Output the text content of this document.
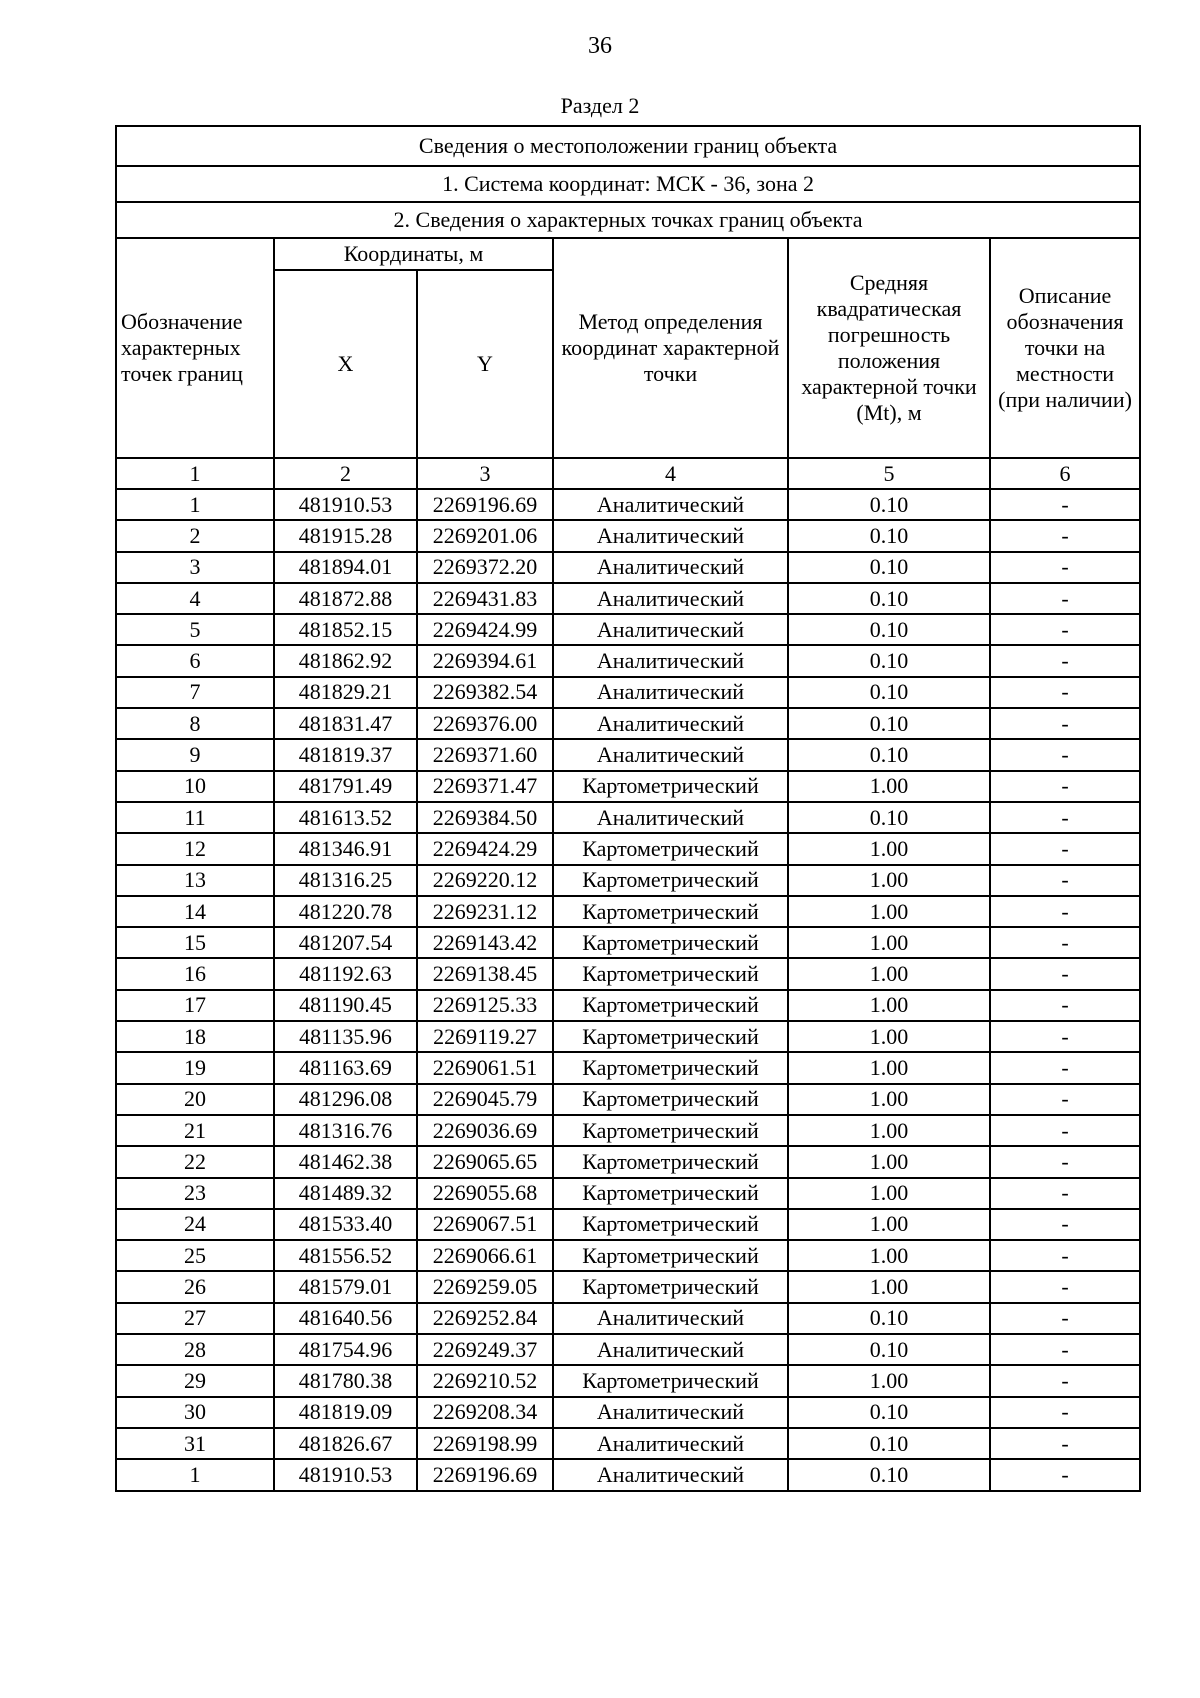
36
Раздел 2
Сведения о местоположении границ объекта					
1. Система координат: МСК - 36, зона 2					
2. Сведения о характерных точках границ объекта					
Обозначение характерных точек границ	Координаты, м		Метод определения координат характерной точки	Средняя квадратическая погрешность положения характерной точки (Mt), м	Описание обозначения точки на местности (при наличии)
	X	Y			
1	2	3	4	5	6
1	481910.53	2269196.69	Аналитический	0.10	-
2	481915.28	2269201.06	Аналитический	0.10	-
3	481894.01	2269372.20	Аналитический	0.10	-
4	481872.88	2269431.83	Аналитический	0.10	-
5	481852.15	2269424.99	Аналитический	0.10	-
6	481862.92	2269394.61	Аналитический	0.10	-
7	481829.21	2269382.54	Аналитический	0.10	-
8	481831.47	2269376.00	Аналитический	0.10	-
9	481819.37	2269371.60	Аналитический	0.10	-
10	481791.49	2269371.47	Картометрический	1.00	-
11	481613.52	2269384.50	Аналитический	0.10	-
12	481346.91	2269424.29	Картометрический	1.00	-
13	481316.25	2269220.12	Картометрический	1.00	-
14	481220.78	2269231.12	Картометрический	1.00	-
15	481207.54	2269143.42	Картометрический	1.00	-
16	481192.63	2269138.45	Картометрический	1.00	-
17	481190.45	2269125.33	Картометрический	1.00	-
18	481135.96	2269119.27	Картометрический	1.00	-
19	481163.69	2269061.51	Картометрический	1.00	-
20	481296.08	2269045.79	Картометрический	1.00	-
21	481316.76	2269036.69	Картометрический	1.00	-
22	481462.38	2269065.65	Картометрический	1.00	-
23	481489.32	2269055.68	Картометрический	1.00	-
24	481533.40	2269067.51	Картометрический	1.00	-
25	481556.52	2269066.61	Картометрический	1.00	-
26	481579.01	2269259.05	Картометрический	1.00	-
27	481640.56	2269252.84	Аналитический	0.10	-
28	481754.96	2269249.37	Аналитический	0.10	-
29	481780.38	2269210.52	Картометрический	1.00	-
30	481819.09	2269208.34	Аналитический	0.10	-
31	481826.67	2269198.99	Аналитический	0.10	-
1	481910.53	2269196.69	Аналитический	0.10	-
